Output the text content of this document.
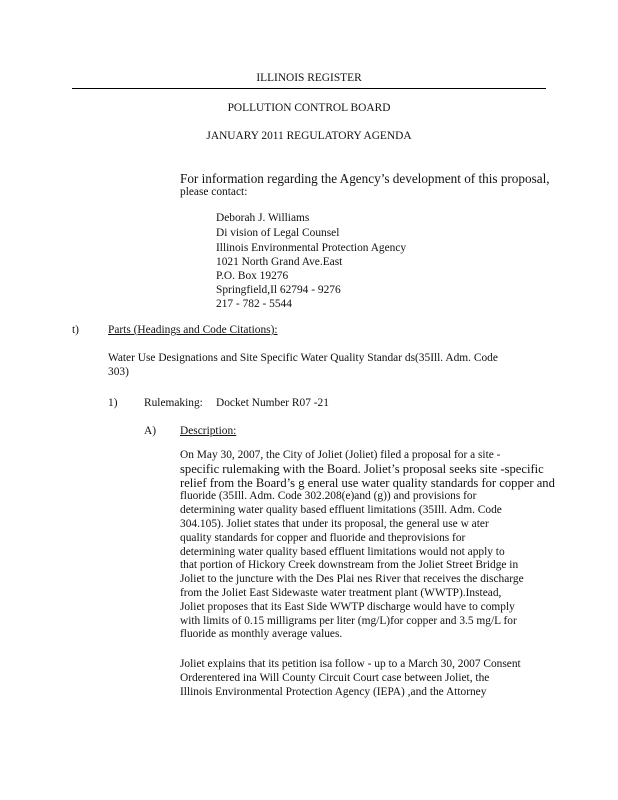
ILLINOIS REGISTER
POLLUTION CONTROL BOARD
JANUARY 2011 REGULATORY AGENDA
For information regarding the Agency’s development of this proposal,
please contact:
Deborah J. Williams
Di vision of Legal Counsel
Illinois Environmental Protection Agency
1021 North Grand Ave.East
P.O. Box 19276
Springfield,Il 62794 - 9276
217 - 782 - 5544
t)	Parts (Headings and Code Citations):
Water Use Designations and Site Specific Water Quality Standar ds(35Ill. Adm. Code
303)
1) Rulemaking: Docket Number R07 -21
A) Description:
On May 30, 2007, the City of Joliet (Joliet) filed a proposal for a site -
specific rulemaking with the Board. Joliet’s proposal seeks site -specific
relief from the Board’s g eneral use water quality standards for copper and
fluoride (35Ill. Adm. Code 302.208(e)and (g)) and provisions for
determining water quality based effluent limitations (35Ill. Adm. Code
304.105). Joliet states that under its proposal, the general use w ater
quality standards for copper and fluoride and theprovisions for
determining water quality based effluent limitations would not apply to
that portion of Hickory Creek downstream from the Joliet Street Bridge in
Joliet to the juncture with the Des Plai nes River that receives the discharge
from the Joliet East Sidewaste water treatment plant (WWTP).Instead,
Joliet proposes that its East Side WWTP discharge would have to comply
with limits of 0.15 milligrams per liter (mg/L)for copper and 3.5 mg/L for
fluoride as monthly average values.
Joliet explains that its petition isa follow - up to a March 30, 2007 Consent
Orderentered ina Will County Circuit Court case between Joliet, the
Illinois Environmental Protection Agency (IEPA) ,and the Attorney
